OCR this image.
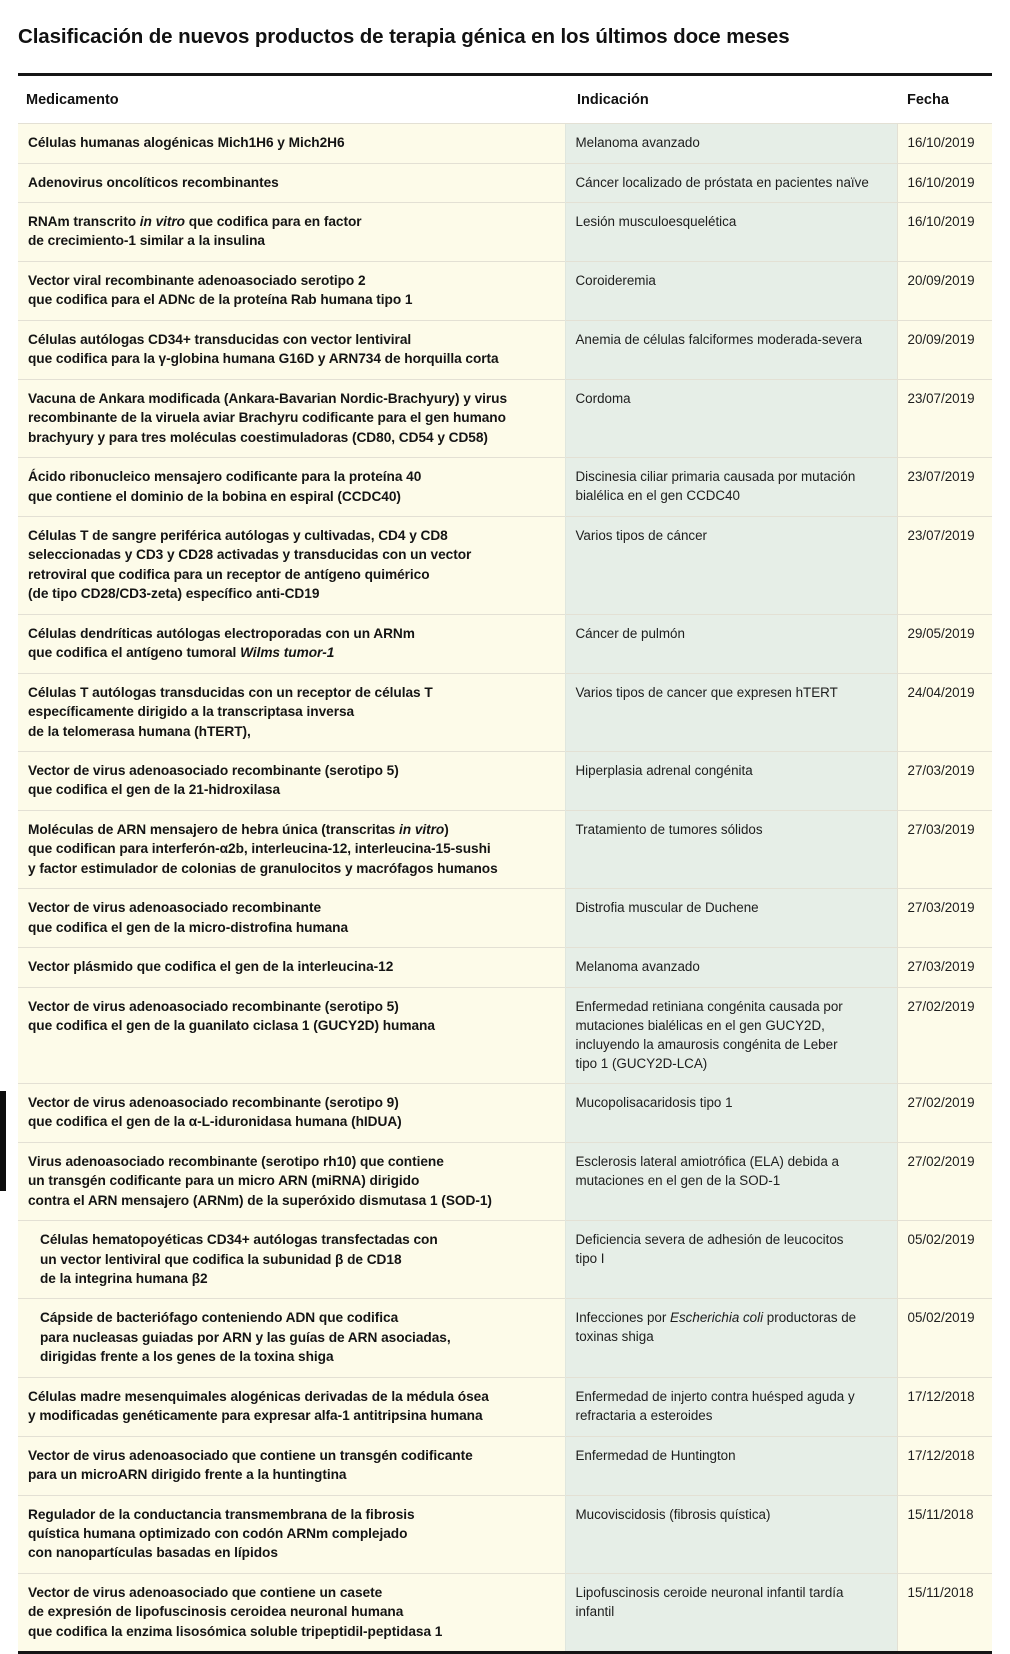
Clasificación de nuevos productos de terapia génica en los últimos doce meses
Medicamento	Indicación	Fecha

Células humanas alogénicas Mich1H6 y Mich2H6	Melanoma avanzado	16/10/2019

Adenovirus oncolíticos recombinantes	Cáncer localizado de próstata en pacientes naïve	16/10/2019

RNAm transcrito in vitro que codifica para en factor
de crecimiento-1 similar a la insulina	Lesión musculoesquelética	16/10/2019

Vector viral recombinante adenoasociado serotipo 2
que codifica para el ADNc de la proteína Rab humana tipo 1	Coroideremia	20/09/2019

Células autólogas CD34+ transducidas con vector lentiviral
que codifica para la γ-globina humana G16D y ARN734 de horquilla corta	Anemia de células falciformes moderada-severa	20/09/2019

Vacuna de Ankara modificada (Ankara-Bavarian Nordic-Brachyury) y virus
recombinante de la viruela aviar Brachyru codificante para el gen humano
brachyury y para tres moléculas coestimuladoras (CD80, CD54 y CD58)	Cordoma	23/07/2019

Ácido ribonucleico mensajero codificante para la proteína 40
que contiene el dominio de la bobina en espiral (CCDC40)	Discinesia ciliar primaria causada por mutación
bialélica en el gen CCDC40	23/07/2019

Células T de sangre periférica autólogas y cultivadas, CD4 y CD8
seleccionadas y CD3 y CD28 activadas y transducidas con un vector
retroviral que codifica para un receptor de antígeno quimérico
(de tipo CD28/CD3-zeta) específico anti-CD19	Varios tipos de cáncer	23/07/2019

Células dendríticas autólogas electroporadas con un ARNm
que codifica el antígeno tumoral Wilms tumor-1	Cáncer de pulmón	29/05/2019

Células T autólogas transducidas con un receptor de células T
específicamente dirigido a la transcriptasa inversa
de la telomerasa humana (hTERT),	Varios tipos de cancer que expresen hTERT	24/04/2019

Vector de virus adenoasociado recombinante (serotipo 5)
que codifica el gen de la 21-hidroxilasa	Hiperplasia adrenal congénita	27/03/2019

Moléculas de ARN mensajero de hebra única (transcritas in vitro)
que codifican para interferón-α2b, interleucina-12, interleucina-15-sushi
y factor estimulador de colonias de granulocitos y macrófagos humanos	Tratamiento de tumores sólidos	27/03/2019

Vector de virus adenoasociado recombinante
que codifica el gen de la micro-distrofina humana	Distrofia muscular de Duchene	27/03/2019

Vector plásmido que codifica el gen de la interleucina-12	Melanoma avanzado	27/03/2019

Vector de virus adenoasociado recombinante (serotipo 5)
que codifica el gen de la guanilato ciclasa 1 (GUCY2D) humana	Enfermedad retiniana congénita causada por
mutaciones bialélicas en el gen GUCY2D,
incluyendo la amaurosis congénita de Leber
tipo 1 (GUCY2D-LCA)	27/02/2019

Vector de virus adenoasociado recombinante (serotipo 9)
que codifica el gen de la α-L-iduronidasa humana (hIDUA)	Mucopolisacaridosis tipo 1	27/02/2019

Virus adenoasociado recombinante (serotipo rh10) que contiene
un transgén codificante para un micro ARN (miRNA) dirigido
contra el ARN mensajero (ARNm) de la superóxido dismutasa 1 (SOD-1)	Esclerosis lateral amiotrófica (ELA) debida a
mutaciones en el gen de la SOD-1	27/02/2019

Células hematopoyéticas CD34+ autólogas transfectadas con
un vector lentiviral que codifica la subunidad β de CD18
de la integrina humana β2	Deficiencia severa de adhesión de leucocitos
tipo I	05/02/2019

Cápside de bacteriófago conteniendo ADN que codifica
para nucleasas guiadas por ARN y las guías de ARN asociadas,
dirigidas frente a los genes de la toxina shiga	Infecciones por Escherichia coli productoras de
toxinas shiga	05/02/2019

Células madre mesenquimales alogénicas derivadas de la médula ósea
y modificadas genéticamente para expresar alfa-1 antitripsina humana	Enfermedad de injerto contra huésped aguda y
refractaria a esteroides	17/12/2018

Vector de virus adenoasociado que contiene un transgén codificante
para un microARN dirigido frente a la huntingtina	Enfermedad de Huntington	17/12/2018

Regulador de la conductancia transmembrana de la fibrosis
quística humana optimizado con codón ARNm complejado
con nanopartículas basadas en lípidos	Mucoviscidosis (fibrosis quística)	15/11/2018

Vector de virus adenoasociado que contiene un casete
de expresión de lipofuscinosis ceroidea neuronal humana
que codifica la enzima lisosómica soluble tripeptidil-peptidasa 1	Lipofuscinosis ceroide neuronal infantil tardía
infantil	15/11/2018
